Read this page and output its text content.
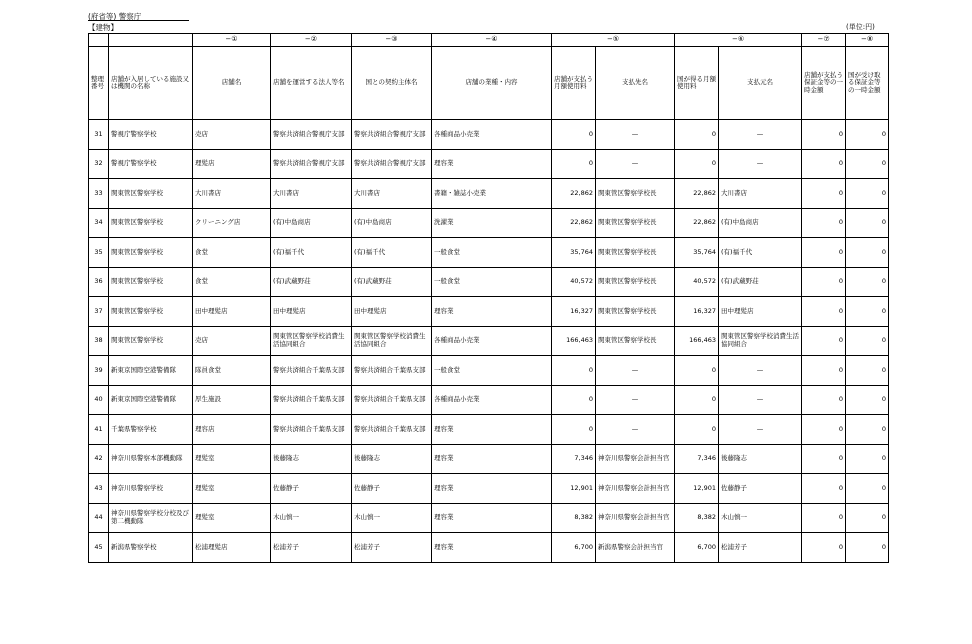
(府省等) 警察庁
【建物】	(単位:円)
		−①	−②	−③	−④	−⑤		−⑥		−⑦	−⑧
整理番号	店舗が入居している施設又は機関の名称	店舗名	店舗を運営する法人等名	国との契約主体名	店舗の業種・内容	店舗が支払う月額使用料	支払先名	国が得る月額使用料	支払元名	店舗が支払う保証金等の一時金額	国が受け取る保証金等の一時金額
31	警視庁警察学校	売店	警察共済組合警視庁支部	警察共済組合警視庁支部	各種商品小売業	0	—	0	—	0	0
32	警視庁警察学校	理髪店	警察共済組合警視庁支部	警察共済組合警視庁支部	理容業	0	—	0	—	0	0
33	関東管区警察学校	大川書店	大川書店	大川書店	書籍・雑誌小売業	22,862	関東管区警察学校長	22,862	大川書店	0	0
34	関東管区警察学校	クリーニング店	(有)中島商店	(有)中島商店	洗濯業	22,862	関東管区警察学校長	22,862	(有)中島商店	0	0
35	関東管区警察学校	食堂	(有)福千代	(有)福千代	一般食堂	35,764	関東管区警察学校長	35,764	(有)福千代	0	0
36	関東管区警察学校	食堂	(有)武蔵野荘	(有)武蔵野荘	一般食堂	40,572	関東管区警察学校長	40,572	(有)武蔵野荘	0	0
37	関東管区警察学校	田中理髪店	田中理髪店	田中理髪店	理容業	16,327	関東管区警察学校長	16,327	田中理髪店	0	0
38	関東管区警察学校	売店	関東管区警察学校消費生活協同組合	関東管区警察学校消費生活協同組合	各種商品小売業	166,463	関東管区警察学校長	166,463	関東管区警察学校消費生活協同組合	0	0
39	新東京国際空港警備隊	隊員食堂	警察共済組合千葉県支部	警察共済組合千葉県支部	一般食堂	0	—	0	—	0	0
40	新東京国際空港警備隊	厚生施設	警察共済組合千葉県支部	警察共済組合千葉県支部	各種商品小売業	0	—	0	—	0	0
41	千葉県警察学校	理容店	警察共済組合千葉県支部	警察共済組合千葉県支部	理容業	0	—	0	—	0	0
42	神奈川県警察本部機動隊	理髪室	後藤隆志	後藤隆志	理容業	7,346	神奈川県警察会計担当官	7,346	後藤隆志	0	0
43	神奈川県警察学校	理髪室	佐藤静子	佐藤静子	理容業	12,901	神奈川県警察会計担当官	12,901	佐藤静子	0	0
44	神奈川県警察学校分校及び第二機動隊	理髪室	木山慎一	木山慎一	理容業	8,382	神奈川県警察会計担当官	8,382	木山慎一	0	0
45	新潟県警察学校	松浦理髪店	松浦芳子	松浦芳子	理容業	6,700	新潟県警察会計担当官	6,700	松浦芳子	0	0
